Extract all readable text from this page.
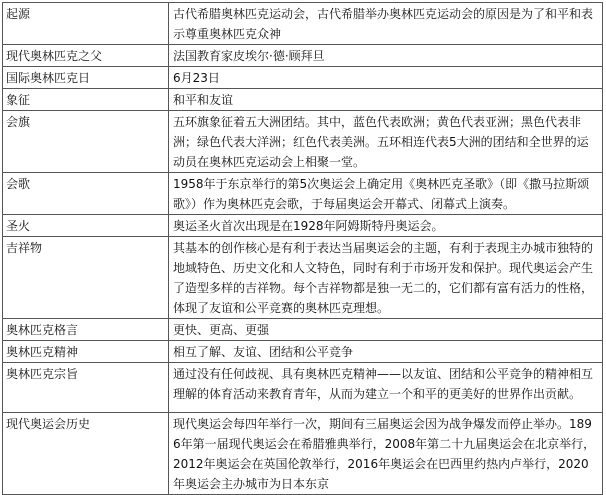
起源	古代希腊奥林匹克运动会，古代希腊举办奥林匹克运动会的原因是为了和平和表示尊重奥林匹克众神
现代奥林匹克之父	法国教育家皮埃尔·德·顾拜旦
国际奥林匹克日	6月23日
象征	和平和友谊
会旗	五环旗象征着五大洲团结。其中，蓝色代表欧洲；黄色代表亚洲；黑色代表非洲；绿色代表大洋洲；红色代表美洲。五环相连代表5大洲的团结和全世界的运动员在奥林匹克运动会上相聚一堂。
会歌	1958年于东京举行的第5次奥运会上确定用《奥林匹克圣歌》（即《撒马拉斯颂歌》）作为奥林匹克会歌，于每届奥运会开幕式、闭幕式上演奏。
圣火	奥运圣火首次出现是在1928年阿姆斯特丹奥运会。
吉祥物	其基本的创作核心是有利于表达当届奥运会的主题，有利于表现主办城市独特的地域特色、历史文化和人文特色，同时有利于市场开发和保护。现代奥运会产生了造型多样的吉祥物。每个吉祥物都是独一无二的，它们都有富有活力的性格，体现了友谊和公平竞赛的奥林匹克理想。
奥林匹克格言	更快、更高、更强
奥林匹克精神	相互了解、友谊、团结和公平竞争
奥林匹克宗旨	通过没有任何歧视、具有奥林匹克精神——以友谊、团结和公平竞争的精神相互理解的体育活动来教育青年，从而为建立一个和平的更美好的世界作出贡献。
现代奥运会历史	现代奥运会每四年举行一次，期间有三届奥运会因为战争爆发而停止举办。1896年第一届现代奥运会在希腊雅典举行，2008年第二十九届奥运会在北京举行，2012年奥运会在英国伦敦举行，2016年奥运会在巴西里约热内卢举行，2020年奥运会主办城市为日本东京
